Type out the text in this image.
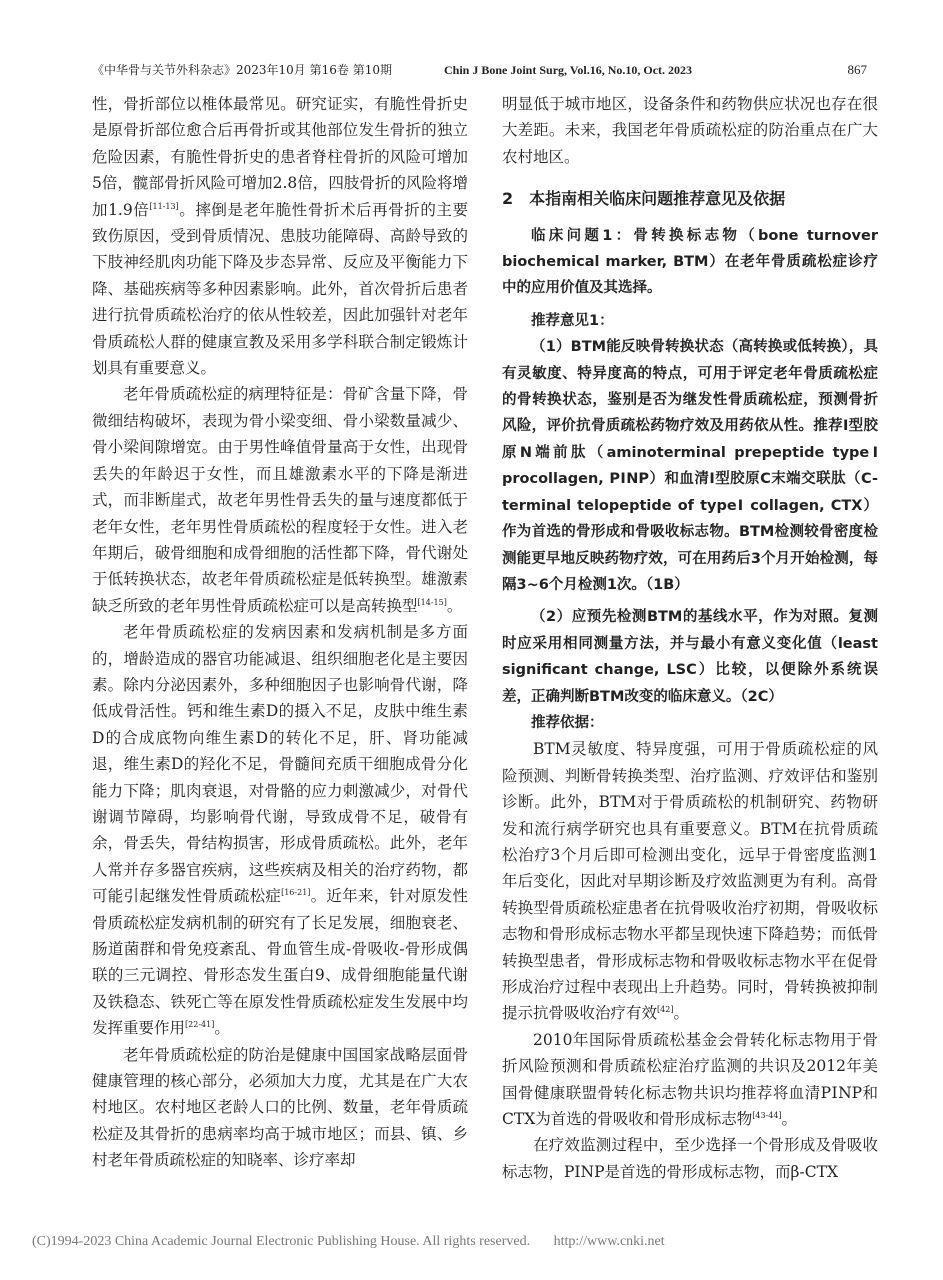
《中华骨与关节外科杂志》2023年10月 第16卷 第10期	Chin J Bone Joint Surg, Vol.16, No.10, Oct. 2023	867

性，骨折部位以椎体最常见。研究证实，有脆性骨折史是原骨折部位愈合后再骨折或其他部位发生骨折的独立危险因素，有脆性骨折史的患者脊柱骨折的风险可增加5倍，髋部骨折风险可增加2.8倍，四肢骨折的风险将增加1.9倍[11-13]。摔倒是老年脆性骨折术后再骨折的主要致伤原因，受到骨质情况、患肢功能障碍、高龄导致的下肢神经肌肉功能下降及步态异常、反应及平衡能力下降、基础疾病等多种因素影响。此外，首次骨折后患者进行抗骨质疏松治疗的依从性较差，因此加强针对老年骨质疏松人群的健康宣教及采用多学科联合制定锻炼计划具有重要意义。

老年骨质疏松症的病理特征是：骨矿含量下降，骨微细结构破坏，表现为骨小梁变细、骨小梁数量减少、骨小梁间隙增宽。由于男性峰值骨量高于女性，出现骨丢失的年龄迟于女性，而且雄激素水平的下降是渐进式，而非断崖式，故老年男性骨丢失的量与速度都低于老年女性，老年男性骨质疏松的程度轻于女性。进入老年期后，破骨细胞和成骨细胞的活性都下降，骨代谢处于低转换状态，故老年骨质疏松症是低转换型。雄激素缺乏所致的老年男性骨质疏松症可以是高转换型[14-15]。

老年骨质疏松症的发病因素和发病机制是多方面的，增龄造成的器官功能减退、组织细胞老化是主要因素。除内分泌因素外，多种细胞因子也影响骨代谢，降低成骨活性。钙和维生素D的摄入不足，皮肤中维生素D的合成底物向维生素D的转化不足，肝、肾功能减退，维生素D的羟化不足，骨髓间充质干细胞成骨分化能力下降；肌肉衰退，对骨骼的应力刺激减少，对骨代谢调节障碍，均影响骨代谢，导致成骨不足，破骨有余，骨丢失，骨结构损害，形成骨质疏松。此外，老年人常并存多器官疾病，这些疾病及相关的治疗药物，都可能引起继发性骨质疏松症[16-21]。近年来，针对原发性骨质疏松症发病机制的研究有了长足发展，细胞衰老、肠道菌群和骨免疫紊乱、骨血管生成-骨吸收-骨形成偶联的三元调控、骨形态发生蛋白9、成骨细胞能量代谢及铁稳态、铁死亡等在原发性骨质疏松症发生发展中均发挥重要作用[22-41]。

老年骨质疏松症的防治是健康中国国家战略层面骨健康管理的核心部分，必须加大力度，尤其是在广大农村地区。农村地区老龄人口的比例、数量，老年骨质疏松症及其骨折的患病率均高于城市地区；而县、镇、乡村老年骨质疏松症的知晓率、诊疗率却

明显低于城市地区，设备条件和药物供应状况也存在很大差距。未来，我国老年骨质疏松症的防治重点在广大农村地区。

2　本指南相关临床问题推荐意见及依据

临床问题1：骨转换标志物（bone turnover biochemical marker, BTM）在老年骨质疏松症诊疗中的应用价值及其选择。

推荐意见1：

（1）BTM能反映骨转换状态（高转换或低转换），具有灵敏度、特异度高的特点，可用于评定老年骨质疏松症的骨转换状态，鉴别是否为继发性骨质疏松症，预测骨折风险，评价抗骨质疏松药物疗效及用药依从性。推荐Ⅰ型胶原N端前肽（aminoterminal prepeptide typeⅠ procollagen, PⅠNP）和血清Ⅰ型胶原C末端交联肽（C-terminal telopeptide of typeⅠ collagen, CTX）作为首选的骨形成和骨吸收标志物。BTM检测较骨密度检测能更早地反映药物疗效，可在用药后3个月开始检测，每隔3~6个月检测1次。（1B）

（2）应预先检测BTM的基线水平，作为对照。复测时应采用相同测量方法，并与最小有意义变化值（least significant change, LSC）比较，以便除外系统误差，正确判断BTM改变的临床意义。（2C）

推荐依据：

BTM灵敏度、特异度强，可用于骨质疏松症的风险预测、判断骨转换类型、治疗监测、疗效评估和鉴别诊断。此外，BTM对于骨质疏松的机制研究、药物研发和流行病学研究也具有重要意义。BTM在抗骨质疏松治疗3个月后即可检测出变化，远早于骨密度监测1年后变化，因此对早期诊断及疗效监测更为有利。高骨转换型骨质疏松症患者在抗骨吸收治疗初期，骨吸收标志物和骨形成标志物水平都呈现快速下降趋势；而低骨转换型患者，骨形成标志物和骨吸收标志物水平在促骨形成治疗过程中表现出上升趋势。同时，骨转换被抑制提示抗骨吸收治疗有效[42]。

2010年国际骨质疏松基金会骨转化标志物用于骨折风险预测和骨质疏松症治疗监测的共识及2012年美国骨健康联盟骨转化标志物共识均推荐将血清PⅠNP和CTX为首选的骨吸收和骨形成标志物[43-44]。

在疗效监测过程中，至少选择一个骨形成及骨吸收标志物，PⅠNP是首选的骨形成标志物，而β-CTX

(C)1994-2023 China Academic Journal Electronic Publishing House. All rights reserved. http://www.cnki.net
